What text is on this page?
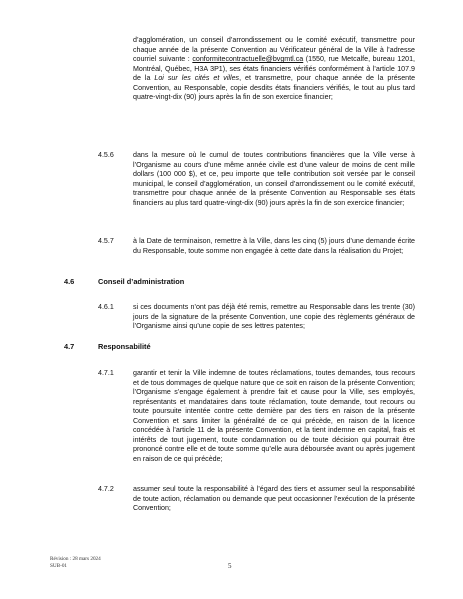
d’agglomération, un conseil d’arrondissement ou le comité exécutif, transmettre pour chaque année de la présente Convention au Vérificateur général de la Ville à l’adresse courriel suivante : conformitecontractuelle@bvgmtl.ca (1550, rue Metcalfe, bureau 1201, Montréal, Québec, H3A 3P1), ses états financiers vérifiés conformément à l’article 107.9 de la Loi sur les cités et villes, et transmettre, pour chaque année de la présente Convention, au Responsable, copie desdits états financiers vérifiés, le tout au plus tard quatre-vingt-dix (90) jours après la fin de son exercice financier;
4.5.6	dans la mesure où le cumul de toutes contributions financières que la Ville verse à l’Organisme au cours d’une même année civile est d’une valeur de moins de cent mille dollars (100 000 $), et ce, peu importe que telle contribution soit versée par le conseil municipal, le conseil d’agglomération, un conseil d’arrondissement ou le comité exécutif, transmettre pour chaque année de la présente Convention au Responsable ses états financiers au plus tard quatre-vingt-dix (90) jours après la fin de son exercice financier;
4.5.7	à la Date de terminaison, remettre à la Ville, dans les cinq (5) jours d’une demande écrite du Responsable, toute somme non engagée à cette date dans la réalisation du Projet;
4.6	Conseil d’administration
4.6.1	si ces documents n’ont pas déjà été remis, remettre au Responsable dans les trente (30) jours de la signature de la présente Convention, une copie des règlements généraux de l’Organisme ainsi qu’une copie de ses lettres patentes;
4.7	Responsabilité
4.7.1	garantir et tenir la Ville indemne de toutes réclamations, toutes demandes, tous recours et de tous dommages de quelque nature que ce soit en raison de la présente Convention; l’Organisme s’engage également à prendre fait et cause pour la Ville, ses employés, représentants et mandataires dans toute réclamation, toute demande, tout recours ou toute poursuite intentée contre cette dernière par des tiers en raison de la présente Convention et sans limiter la généralité de ce qui précède, en raison de la licence concédée à l’article 11 de la présente Convention, et la tient indemne en capital, frais et intérêts de tout jugement, toute condamnation ou de toute décision qui pourrait être prononcé contre elle et de toute somme qu’elle aura déboursée avant ou après jugement en raison de ce qui précède;
4.7.2	assumer seul toute la responsabilité à l’égard des tiers et assumer seul la responsabilité de toute action, réclamation ou demande que peut occasionner l’exécution de la présente Convention;
Révision : 28 mars 2024
SUB-01	5
